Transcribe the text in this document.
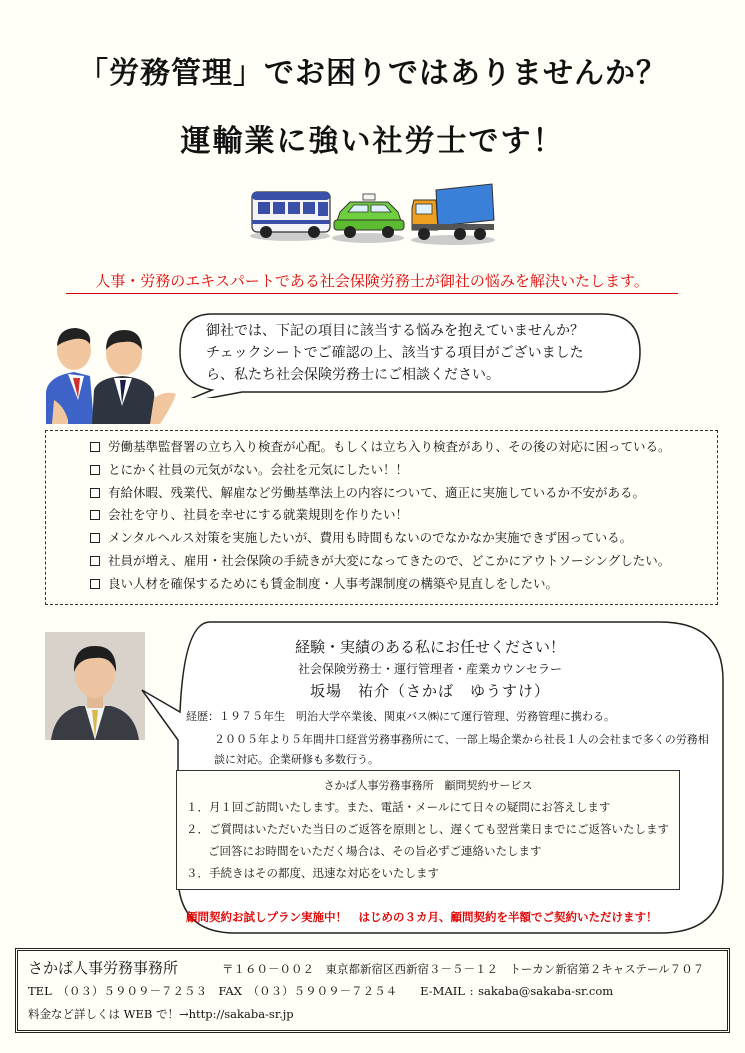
「労務管理」でお困りではありませんか？
運輸業に強い社労士です！
人事・労務のエキスパートである社会保険労務士が御社の悩みを解決いたします。
御社では、下記の項目に該当する悩みを抱えていませんか？
チェックシートでご確認の上、該当する項目がございました
ら、私たち社会保険労務士にご相談ください。
労働基準監督署の立ち入り検査が心配。もしくは立ち入り検査があり、その後の対応に困っている。
とにかく社員の元気がない。会社を元気にしたい！！
有給休暇、残業代、解雇など労働基準法上の内容について、適正に実施しているか不安がある。
会社を守り、社員を幸せにする就業規則を作りたい！
メンタルヘルス対策を実施したいが、費用も時間もないのでなかなか実施できず困っている。
社員が増え、雇用・社会保険の手続きが大変になってきたので、どこかにアウトソーシングしたい。
良い人材を確保するためにも賃金制度・人事考課制度の構築や見直しをしたい。
経験・実績のある私にお任せください！
社会保険労務士・運行管理者・産業カウンセラー
坂場　祐介（さかば　ゆうすけ）
経歴：１９７５年生　明治大学卒業後、関東バス㈱にて運行管理、労務管理に携わる。
２００５年より５年間井口経営労務事務所にて、一部上場企業から社長１人の会社まで多くの労務相
談に対応。企業研修も多数行う。
さかば人事労務事務所　顧問契約サービス
１．月１回ご訪問いたします。また、電話・メールにて日々の疑問にお答えします
２．ご質問はいただいた当日のご返答を原則とし、遅くても翌営業日までにご返答いたします
ご回答にお時間をいただく場合は、その旨必ずご連絡いたします
３．手続きはその都度、迅速な対応をいたします
顧問契約お試しプラン実施中！　はじめの３カ月、顧問契約を半額でご契約いただけます！
さかば人事労務事務所	〒１６０－００２　東京都新宿区西新宿３－５－１２　トーカン新宿第２キャステール７０７
TEL　（０３）５９０９－７２５３　FAX　（０３）５９０９－７２５４　　E-MAIL : sakaba@sakaba-sr.com
料金など詳しくは WEB で！→http://sakaba-sr.jp
